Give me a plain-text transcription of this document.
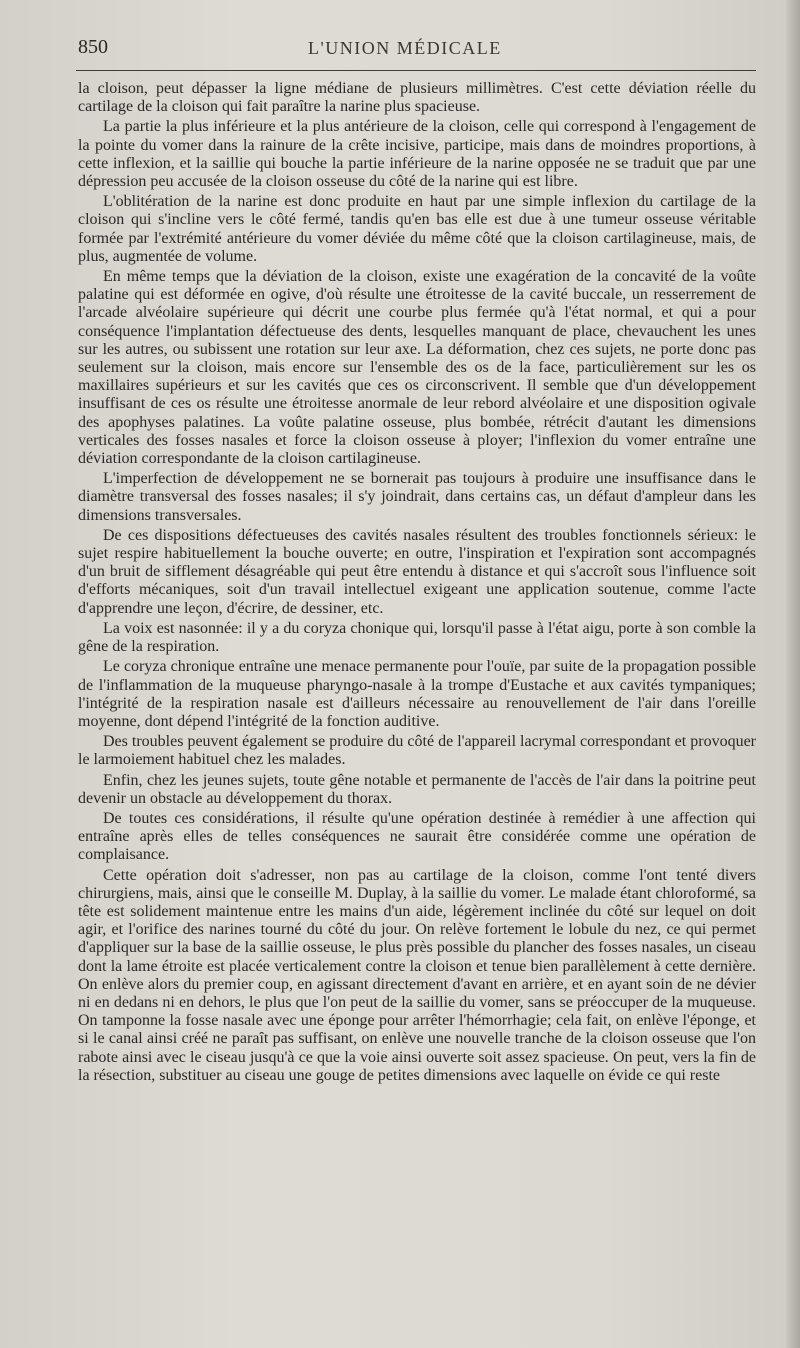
850	L'UNION MÉDICALE

la cloison, peut dépasser la ligne médiane de plusieurs millimètres. C'est cette déviation réelle du cartilage de la cloison qui fait paraître la narine plus spacieuse.

La partie la plus inférieure et la plus antérieure de la cloison, celle qui correspond à l'engagement de la pointe du vomer dans la rainure de la crête incisive, participe, mais dans de moindres proportions, à cette inflexion, et la saillie qui bouche la partie inférieure de la narine opposée ne se traduit que par une dépression peu accusée de la cloison osseuse du côté de la narine qui est libre.

L'oblitération de la narine est donc produite en haut par une simple inflexion du cartilage de la cloison qui s'incline vers le côté fermé, tandis qu'en bas elle est due à une tumeur osseuse véritable formée par l'extrémité antérieure du vomer déviée du même côté que la cloison cartilagineuse, mais, de plus, augmentée de volume.

En même temps que la déviation de la cloison, existe une exagération de la concavité de la voûte palatine qui est déformée en ogive, d'où résulte une étroitesse de la cavité buccale, un resserrement de l'arcade alvéolaire supérieure qui décrit une courbe plus fermée qu'à l'état normal, et qui a pour conséquence l'implantation défectueuse des dents, lesquelles manquant de place, chevauchent les unes sur les autres, ou subissent une rotation sur leur axe. La déformation, chez ces sujets, ne porte donc pas seulement sur la cloison, mais encore sur l'ensemble des os de la face, particulièrement sur les os maxillaires supérieurs et sur les cavités que ces os circonscrivent. Il semble que d'un développement insuffisant de ces os résulte une étroitesse anormale de leur rebord alvéolaire et une disposition ogivale des apophyses palatines. La voûte palatine osseuse, plus bombée, rétrécit d'autant les dimensions verticales des fosses nasales et force la cloison osseuse à ployer; l'inflexion du vomer entraîne une déviation correspondante de la cloison cartilagineuse.

L'imperfection de développement ne se bornerait pas toujours à produire une insuffisance dans le diamètre transversal des fosses nasales; il s'y joindrait, dans certains cas, un défaut d'ampleur dans les dimensions transversales.

De ces dispositions défectueuses des cavités nasales résultent des troubles fonctionnels sérieux: le sujet respire habituellement la bouche ouverte; en outre, l'inspiration et l'expiration sont accompagnés d'un bruit de sifflement désagréable qui peut être entendu à distance et qui s'accroît sous l'influence soit d'efforts mécaniques, soit d'un travail intellectuel exigeant une application soutenue, comme l'acte d'apprendre une leçon, d'écrire, de dessiner, etc.

La voix est nasonnée: il y a du coryza chonique qui, lorsqu'il passe à l'état aigu, porte à son comble la gêne de la respiration.

Le coryza chronique entraîne une menace permanente pour l'ouïe, par suite de la propagation possible de l'inflammation de la muqueuse pharyngo-nasale à la trompe d'Eustache et aux cavités tympaniques; l'intégrité de la respiration nasale est d'ailleurs nécessaire au renouvellement de l'air dans l'oreille moyenne, dont dépend l'intégrité de la fonction auditive.

Des troubles peuvent également se produire du côté de l'appareil lacrymal correspondant et provoquer le larmoiement habituel chez les malades.

Enfin, chez les jeunes sujets, toute gêne notable et permanente de l'accès de l'air dans la poitrine peut devenir un obstacle au développement du thorax.

De toutes ces considérations, il résulte qu'une opération destinée à remédier à une affection qui entraîne après elles de telles conséquences ne saurait être considérée comme une opération de complaisance.

Cette opération doit s'adresser, non pas au cartilage de la cloison, comme l'ont tenté divers chirurgiens, mais, ainsi que le conseille M. Duplay, à la saillie du vomer. Le malade étant chloroformé, sa tête est solidement maintenue entre les mains d'un aide, légèrement inclinée du côté sur lequel on doit agir, et l'orifice des narines tourné du côté du jour. On relève fortement le lobule du nez, ce qui permet d'appliquer sur la base de la saillie osseuse, le plus près possible du plancher des fosses nasales, un ciseau dont la lame étroite est placée verticalement contre la cloison et tenue bien parallèlement à cette dernière. On enlève alors du premier coup, en agissant directement d'avant en arrière, et en ayant soin de ne dévier ni en dedans ni en dehors, le plus que l'on peut de la saillie du vomer, sans se préoccuper de la muqueuse. On tamponne la fosse nasale avec une éponge pour arrêter l'hémorrhagie; cela fait, on enlève l'éponge, et si le canal ainsi créé ne paraît pas suffisant, on enlève une nouvelle tranche de la cloison osseuse que l'on rabote ainsi avec le ciseau jusqu'à ce que la voie ainsi ouverte soit assez spacieuse. On peut, vers la fin de la résection, substituer au ciseau une gouge de petites dimensions avec laquelle on évide ce qui reste
